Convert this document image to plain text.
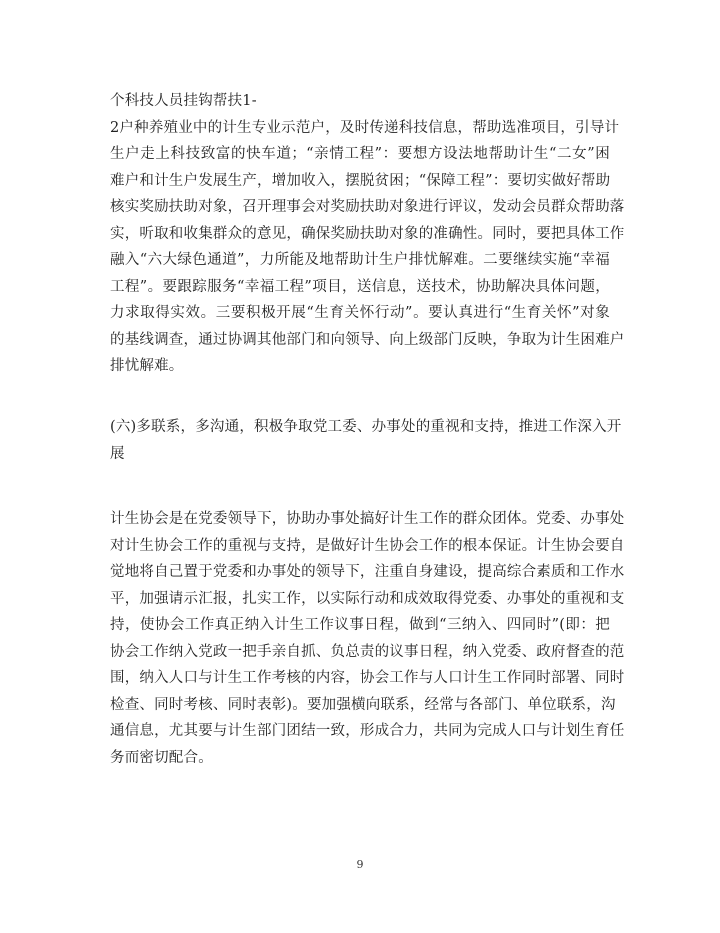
个科技人员挂钩帮扶1-
2户种养殖业中的计生专业示范户，及时传递科技信息，帮助选准项目，引导计
生户走上科技致富的快车道；“亲情工程”：要想方设法地帮助计生“二女”困
难户和计生户发展生产，增加收入，摆脱贫困；“保障工程”：要切实做好帮助
核实奖励扶助对象，召开理事会对奖励扶助对象进行评议，发动会员群众帮助落
实，听取和收集群众的意见，确保奖励扶助对象的准确性。同时，要把具体工作
融入“六大绿色通道”，力所能及地帮助计生户排忧解难。二要继续实施“幸福
工程”。要跟踪服务“幸福工程”项目，送信息，送技术，协助解决具体问题，
力求取得实效。三要积极开展“生育关怀行动”。要认真进行“生育关怀”对象
的基线调查，通过协调其他部门和向领导、向上级部门反映，争取为计生困难户
排忧解难。
(六)多联系，多沟通，积极争取党工委、办事处的重视和支持，推进工作深入开
展
计生协会是在党委领导下，协助办事处搞好计生工作的群众团体。党委、办事处
对计生协会工作的重视与支持，是做好计生协会工作的根本保证。计生协会要自
觉地将自己置于党委和办事处的领导下，注重自身建设，提高综合素质和工作水
平，加强请示汇报，扎实工作，以实际行动和成效取得党委、办事处的重视和支
持，使协会工作真正纳入计生工作议事日程，做到“三纳入、四同时”(即：把
协会工作纳入党政一把手亲自抓、负总责的议事日程，纳入党委、政府督查的范
围，纳入人口与计生工作考核的内容，协会工作与人口计生工作同时部署、同时
检查、同时考核、同时表彰)。要加强横向联系，经常与各部门、单位联系，沟
通信息，尤其要与计生部门团结一致，形成合力，共同为完成人口与计划生育任
务而密切配合。
9
